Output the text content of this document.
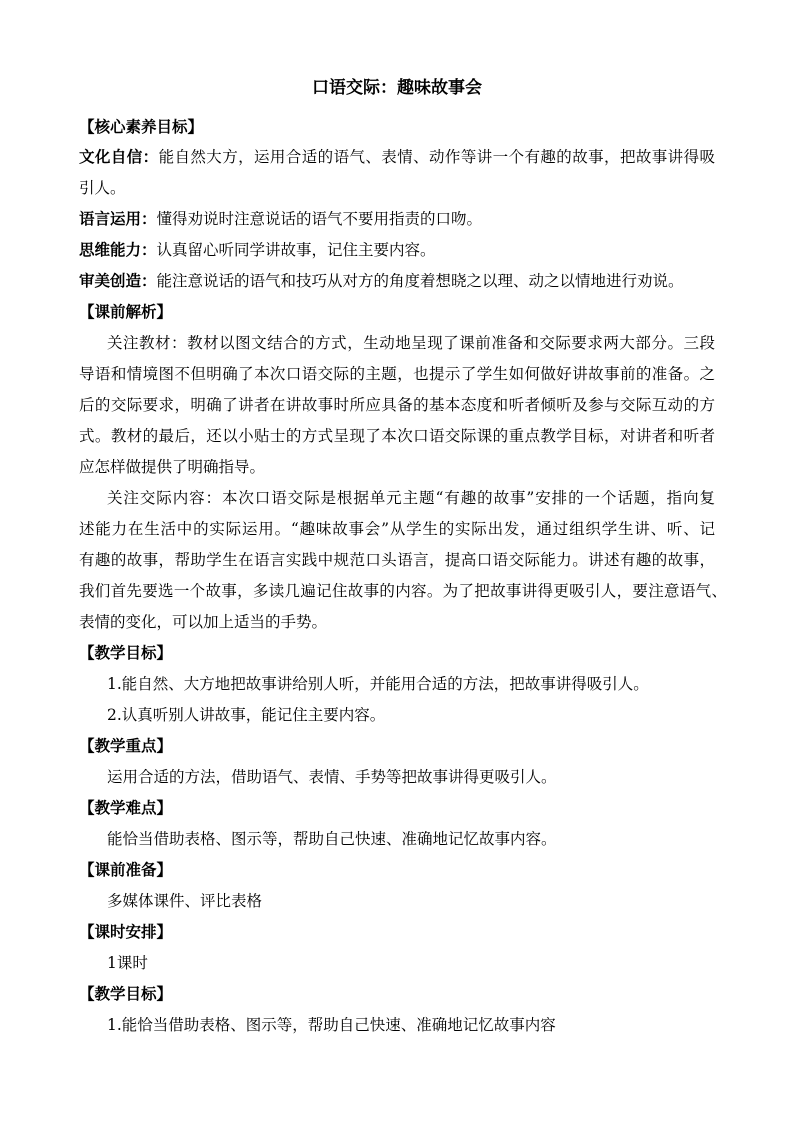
口语交际：趣味故事会
【核心素养目标】
文化自信：能自然大方，运用合适的语气、表情、动作等讲一个有趣的故事，把故事讲得吸
引人。
语言运用：懂得劝说时注意说话的语气不要用指责的口吻。
思维能力：认真留心听同学讲故事，记住主要内容。
审美创造：能注意说话的语气和技巧从对方的角度着想晓之以理、动之以情地进行劝说。
【课前解析】
关注教材：教材以图文结合的方式，生动地呈现了课前准备和交际要求两大部分。三段
导语和情境图不但明确了本次口语交际的主题，也提示了学生如何做好讲故事前的准备。之
后的交际要求，明确了讲者在讲故事时所应具备的基本态度和听者倾听及参与交际互动的方
式。教材的最后，还以小贴士的方式呈现了本次口语交际课的重点教学目标，对讲者和听者
应怎样做提供了明确指导。
关注交际内容：本次口语交际是根据单元主题“有趣的故事”安排的一个话题，指向复
述能力在生活中的实际运用。“趣味故事会”从学生的实际出发，通过组织学生讲、听、记
有趣的故事，帮助学生在语言实践中规范口头语言，提高口语交际能力。讲述有趣的故事，
我们首先要选一个故事，多读几遍记住故事的内容。为了把故事讲得更吸引人，要注意语气、
表情的变化，可以加上适当的手势。
【教学目标】
1.能自然、大方地把故事讲给别人听，并能用合适的方法，把故事讲得吸引人。
2.认真听别人讲故事，能记住主要内容。
【教学重点】
运用合适的方法，借助语气、表情、手势等把故事讲得更吸引人。
【教学难点】
能恰当借助表格、图示等，帮助自己快速、准确地记忆故事内容。
【课前准备】
多媒体课件、评比表格
【课时安排】
1课时
【教学目标】
1.能恰当借助表格、图示等，帮助自己快速、准确地记忆故事内容
